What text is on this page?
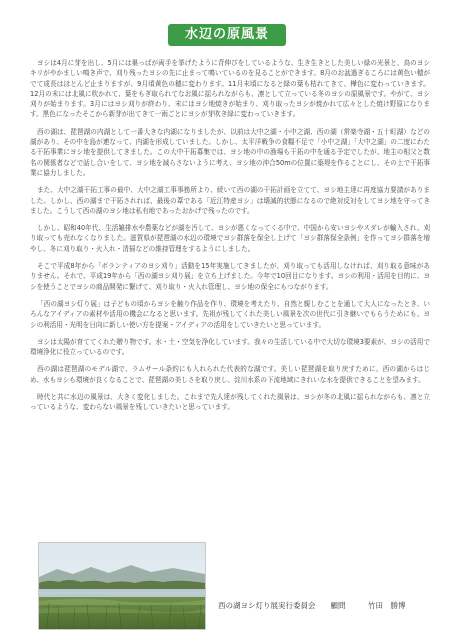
水辺の原風景

ヨシは4月に芽を出し、5月には巣っばが両手を挙げたように背伸びをしているような、生き生きとした美しい緑の光景と、鳥のヨシキリがやかましい鳴き声で、刈り残ったヨシの先に止まって鳴いているのを見ることができます。8月のお盆過ぎるころには黄色い穂がでて成長はほとんど止まりますが、9月頃黄色の穂に変わります。11月末頃になると緑の葉も枯れてきて、樺色に変わっていきます。12月の末には北風に吹かれて、葉をもぎ取られてなお風に揺られながらも、凛として立っている冬のヨシの原風景です。やがて、ヨシ刈りが始まります。3月にはヨシ刈りが終わり、末にはヨシ地焼きが始まり、刈り取ったヨシが焼かれて広々とした焼け野原になります。黒色になったそこから新芽が出てきて一雨ごとにヨシが芽吹き緑に変わっていきます。

西の湖は、琵琶湖の内湖として一番大きな内湖になりましたが、以前は大中之湖・小中之湖、西の湖（常楽寺湖・五十町湖）などの湖があり、その中を島が連なって、内湖を形成していました。しかし、太平洋戦争の食糧不足で「小中之湖」「大中之湖」の二度にわたる干拓事業にヨシ地を提供してきました。この大中干拓募集では、ヨシ地の中の漁場も干拓の中を通る予定でしたが、地主の相父と数名の関係者などで話し合いをして、ヨシ地を減らさないように考え、ヨシ地の沖合50mの位置に築堤を作ることにし、その上で干拓事業に協力しました。

また、大中之湖干拓工事の最中、大中之湖工事事務所より、続いて西の湖の干拓計画を立てて、ヨシ地主達に再度協力要請がありました。しかし、西の湖まで干拓されれば、最後の葦である「近江特産ヨシ」は壊滅的状態になるので絶対反対をしてヨシ地を守ってきました。こうして西の湖のヨシ地は私有地であったおかげで残ったのです。

しかし、昭和40年代、生活雑排水や農薬などが湖を汚して、ヨシが悪くなってくる中で、中国から安いヨシやスダレが輸入され、刈り取っても売れなくなりました。滋賀県が琵琶湖の水辺の環境でヨシ群落を保全し上げて「ヨシ群落保全条例」を作ってヨシ群落を増やし、冬に刈り取り・火入れ・清掃などの維持管理をするようにしました。

そこで平成8年から「ボランティアのヨシ刈り」活動を15年実施してきましたが、刈り取っても活用しなければ、刈り取る意味がありません。それで、平成19年から「西の湖ヨシ刈り展」を立ち上げました。今年で10回目になります。ヨシの利用・活用を目的に、ヨシを使うことでヨシの商品開発に繋げて、刈り取り・火入れ管理し、ヨシ地の保全にもつながります。

「西の湖ヨシ灯り展」は子どもの頃からヨシを触り作品を作り、環境を考えたり、自然と親しむことを通して大人になったとき、いろんなアイディアの素材や活用の機会になると思います。先祖が残してくれた美しい風景を次の世代に引き継いでもらうためにも、ヨシの利活用・光明を日向に新しい使い方を提案・アイディアの活用をしていきたいと思っています。

ヨシは太陽が育ててくれた贈り物です。水・土・空気を浄化しています。我々の生活している中で大切な環境3要素が、ヨシの活用で環境浄化に役立っているのです。

西の湖は琵琶湖のモデル湖で、ラムサール条約にも入れられた代表的な湖です。美しい琵琶湖を取り戻すために、西の湖からはじめ、水もヨシも環境が良くなることで、琵琶湖の美しさを取り戻し、淀川水系の下流地域にきれいな水を提供できることを望みます。

時代と共に水辺の風景は、大きく変化しました。これまで先人達が残してくれた風景は、ヨシが冬の北風に揺られながらも、凛と立っているような、変わらない風景を残していきたいと思っています。

西の湖ヨシ灯り展実行委員会　　顧問　　　竹田　勝博
